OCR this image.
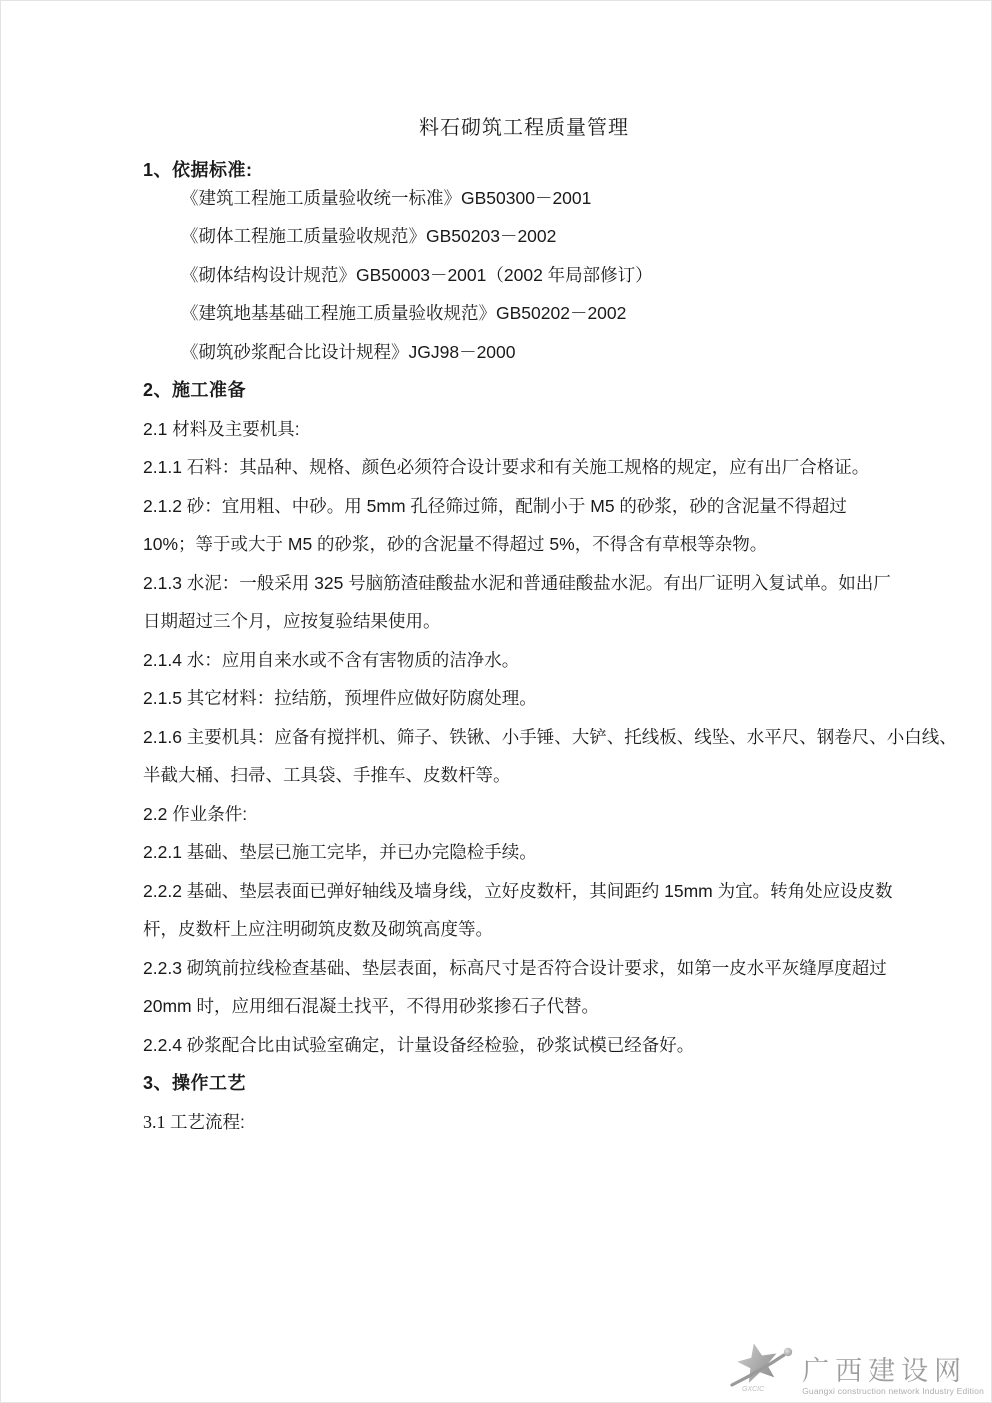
料石砌筑工程质量管理
1、依据标准:
《建筑工程施工质量验收统一标准》GB50300－2001
《砌体工程施工质量验收规范》GB50203－2002
《砌体结构设计规范》GB50003－2001（2002 年局部修订）
《建筑地基基础工程施工质量验收规范》GB50202－2002
《砌筑砂浆配合比设计规程》JGJ98－2000
2、施工准备
2.1 材料及主要机具:
2.1.1 石料：其品种、规格、颜色必须符合设计要求和有关施工规格的规定，应有出厂合格证。
2.1.2 砂：宜用粗、中砂。用 5mm 孔径筛过筛，配制小于 M5 的砂浆，砂的含泥量不得超过
10%；等于或大于 M5 的砂浆，砂的含泥量不得超过 5%，不得含有草根等杂物。
2.1.3 水泥：一般采用 325 号脑筋渣硅酸盐水泥和普通硅酸盐水泥。有出厂证明入复试单。如出厂
日期超过三个月，应按复验结果使用。
2.1.4 水：应用自来水或不含有害物质的洁净水。
2.1.5 其它材料：拉结筋，预埋件应做好防腐处理。
2.1.6 主要机具：应备有搅拌机、筛子、铁锹、小手锤、大铲、托线板、线坠、水平尺、钢卷尺、小白线、
半截大桶、扫帚、工具袋、手推车、皮数杆等。
2.2 作业条件:
2.2.1 基础、垫层已施工完毕，并已办完隐检手续。
2.2.2 基础、垫层表面已弹好轴线及墙身线，立好皮数杆，其间距约 15mm 为宜。转角处应设皮数
杆，皮数杆上应注明砌筑皮数及砌筑高度等。
2.2.3 砌筑前拉线检查基础、垫层表面，标高尺寸是否符合设计要求，如第一皮水平灰缝厚度超过
20mm 时，应用细石混凝土找平，不得用砂浆掺石子代替。
2.2.4 砂浆配合比由试验室确定，计量设备经检验，砂浆试模已经备好。
3、操作工艺
3.1 工艺流程:
GXCIC
广西建设网
Guangxi construction network Industry Edition
